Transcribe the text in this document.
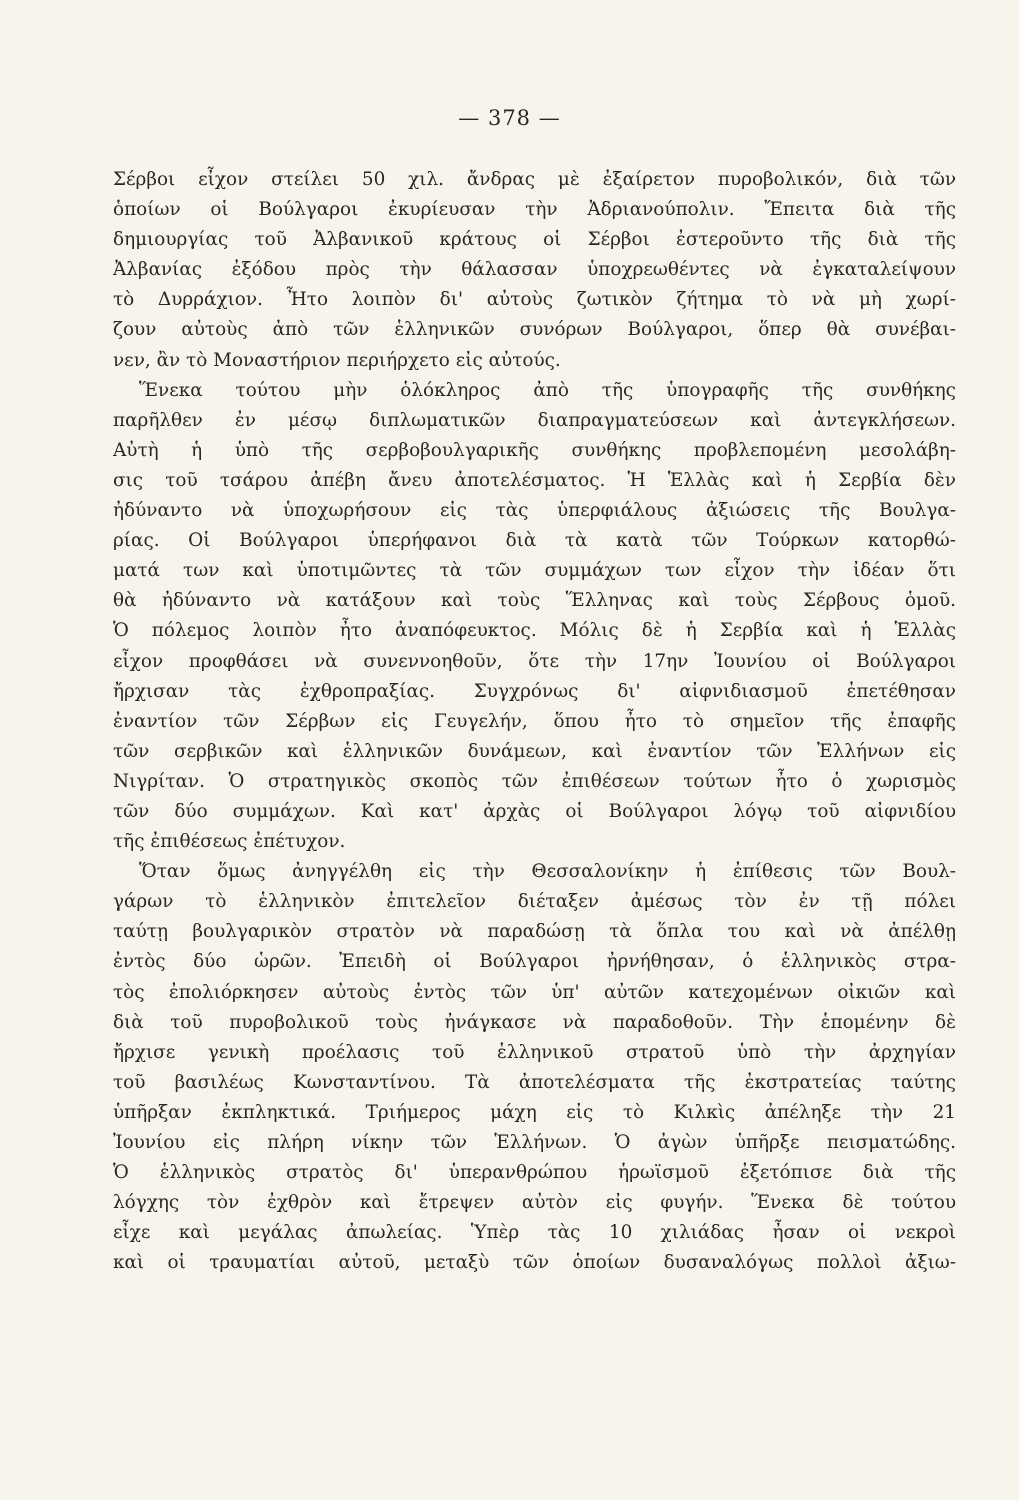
— 378 —
Σέρβοι εἶχον στείλει 50 χιλ. ἄνδρας μὲ ἐξαίρετον πυροβολικόν, διὰ τῶν
ὁποίων οἱ Βούλγαροι ἐκυρίευσαν τὴν Ἀδριανούπολιν. Ἔπειτα διὰ τῆς
δημιουργίας τοῦ Ἀλβανικοῦ κράτους οἱ Σέρβοι ἐστεροῦντο τῆς διὰ τῆς
Ἀλβανίας ἐξόδου πρὸς τὴν θάλασσαν ὑποχρεωθέντες νὰ ἐγκαταλείψουν
τὸ Δυρράχιον. Ἦτο λοιπὸν δι' αὐτοὺς ζωτικὸν ζήτημα τὸ νὰ μὴ χωρί-
ζουν αὐτοὺς ἀπὸ τῶν ἑλληνικῶν συνόρων Βούλγαροι, ὅπερ θὰ συνέβαι-
νεν, ἂν τὸ Μοναστήριον περιήρχετο εἰς αὐτούς.
Ἕνεκα τούτου μὴν ὁλόκληρος ἀπὸ τῆς ὑπογραφῆς τῆς συνθήκης
παρῆλθεν ἐν μέσῳ διπλωματικῶν διαπραγματεύσεων καὶ ἀντεγκλήσεων.
Αὐτὴ ἡ ὑπὸ τῆς σερβοβουλγαρικῆς συνθήκης προβλεπομένη μεσολάβη-
σις τοῦ τσάρου ἀπέβη ἄνευ ἀποτελέσματος. Ἡ Ἑλλὰς καὶ ἡ Σερβία δὲν
ἠδύναντο νὰ ὑποχωρήσουν εἰς τὰς ὑπερφιάλους ἀξιώσεις τῆς Βουλγα-
ρίας. Οἱ Βούλγαροι ὑπερήφανοι διὰ τὰ κατὰ τῶν Τούρκων κατορθώ-
ματά των καὶ ὑποτιμῶντες τὰ τῶν συμμάχων των εἶχον τὴν ἰδέαν ὅτι
θὰ ἠδύναντο νὰ κατάξουν καὶ τοὺς Ἕλληνας καὶ τοὺς Σέρβους ὁμοῦ.
Ὁ πόλεμος λοιπὸν ἦτο ἀναπόφευκτος. Μόλις δὲ ἡ Σερβία καὶ ἡ Ἑλλὰς
εἶχον προφθάσει νὰ συνεννοηθοῦν, ὅτε τὴν 17ην Ἰουνίου οἱ Βούλγαροι
ἤρχισαν τὰς ἐχθροπραξίας. Συγχρόνως δι' αἰφνιδιασμοῦ ἐπετέθησαν
ἐναντίον τῶν Σέρβων εἰς Γευγελήν, ὅπου ἦτο τὸ σημεῖον τῆς ἐπαφῆς
τῶν σερβικῶν καὶ ἑλληνικῶν δυνάμεων, καὶ ἐναντίον τῶν Ἑλλήνων εἰς
Νιγρίταν. Ὁ στρατηγικὸς σκοπὸς τῶν ἐπιθέσεων τούτων ἦτο ὁ χωρισμὸς
τῶν δύο συμμάχων. Καὶ κατ' ἀρχὰς οἱ Βούλγαροι λόγῳ τοῦ αἰφνιδίου
τῆς ἐπιθέσεως ἐπέτυχον.
Ὅταν ὅμως ἀνηγγέλθη εἰς τὴν Θεσσαλονίκην ἡ ἐπίθεσις τῶν Βουλ-
γάρων τὸ ἑλληνικὸν ἐπιτελεῖον διέταξεν ἀμέσως τὸν ἐν τῇ πόλει
ταύτῃ βουλγαρικὸν στρατὸν νὰ παραδώσῃ τὰ ὅπλα του καὶ νὰ ἀπέλθῃ
ἐντὸς δύο ὡρῶν. Ἐπειδὴ οἱ Βούλγαροι ἠρνήθησαν, ὁ ἑλληνικὸς στρα-
τὸς ἐπολιόρκησεν αὐτοὺς ἐντὸς τῶν ὑπ' αὐτῶν κατεχομένων οἰκιῶν καὶ
διὰ τοῦ πυροβολικοῦ τοὺς ἠνάγκασε νὰ παραδοθοῦν. Τὴν ἑπομένην δὲ
ἤρχισε γενικὴ προέλασις τοῦ ἑλληνικοῦ στρατοῦ ὑπὸ τὴν ἀρχηγίαν
τοῦ βασιλέως Κωνσταντίνου. Τὰ ἀποτελέσματα τῆς ἐκστρατείας ταύτης
ὑπῆρξαν ἐκπληκτικά. Τριήμερος μάχη εἰς τὸ Κιλκὶς ἀπέληξε τὴν 21
Ἰουνίου εἰς πλήρη νίκην τῶν Ἑλλήνων. Ὁ ἀγὼν ὑπῆρξε πεισματώδης.
Ὁ ἑλληνικὸς στρατὸς δι' ὑπερανθρώπου ἡρωϊσμοῦ ἐξετόπισε διὰ τῆς
λόγχης τὸν ἐχθρὸν καὶ ἔτρεψεν αὐτὸν εἰς φυγήν. Ἕνεκα δὲ τούτου
εἶχε καὶ μεγάλας ἀπωλείας. Ὑπὲρ τὰς 10 χιλιάδας ἦσαν οἱ νεκροὶ
καὶ οἱ τραυματίαι αὐτοῦ, μεταξὺ τῶν ὁποίων δυσαναλόγως πολλοὶ ἀξιω-
